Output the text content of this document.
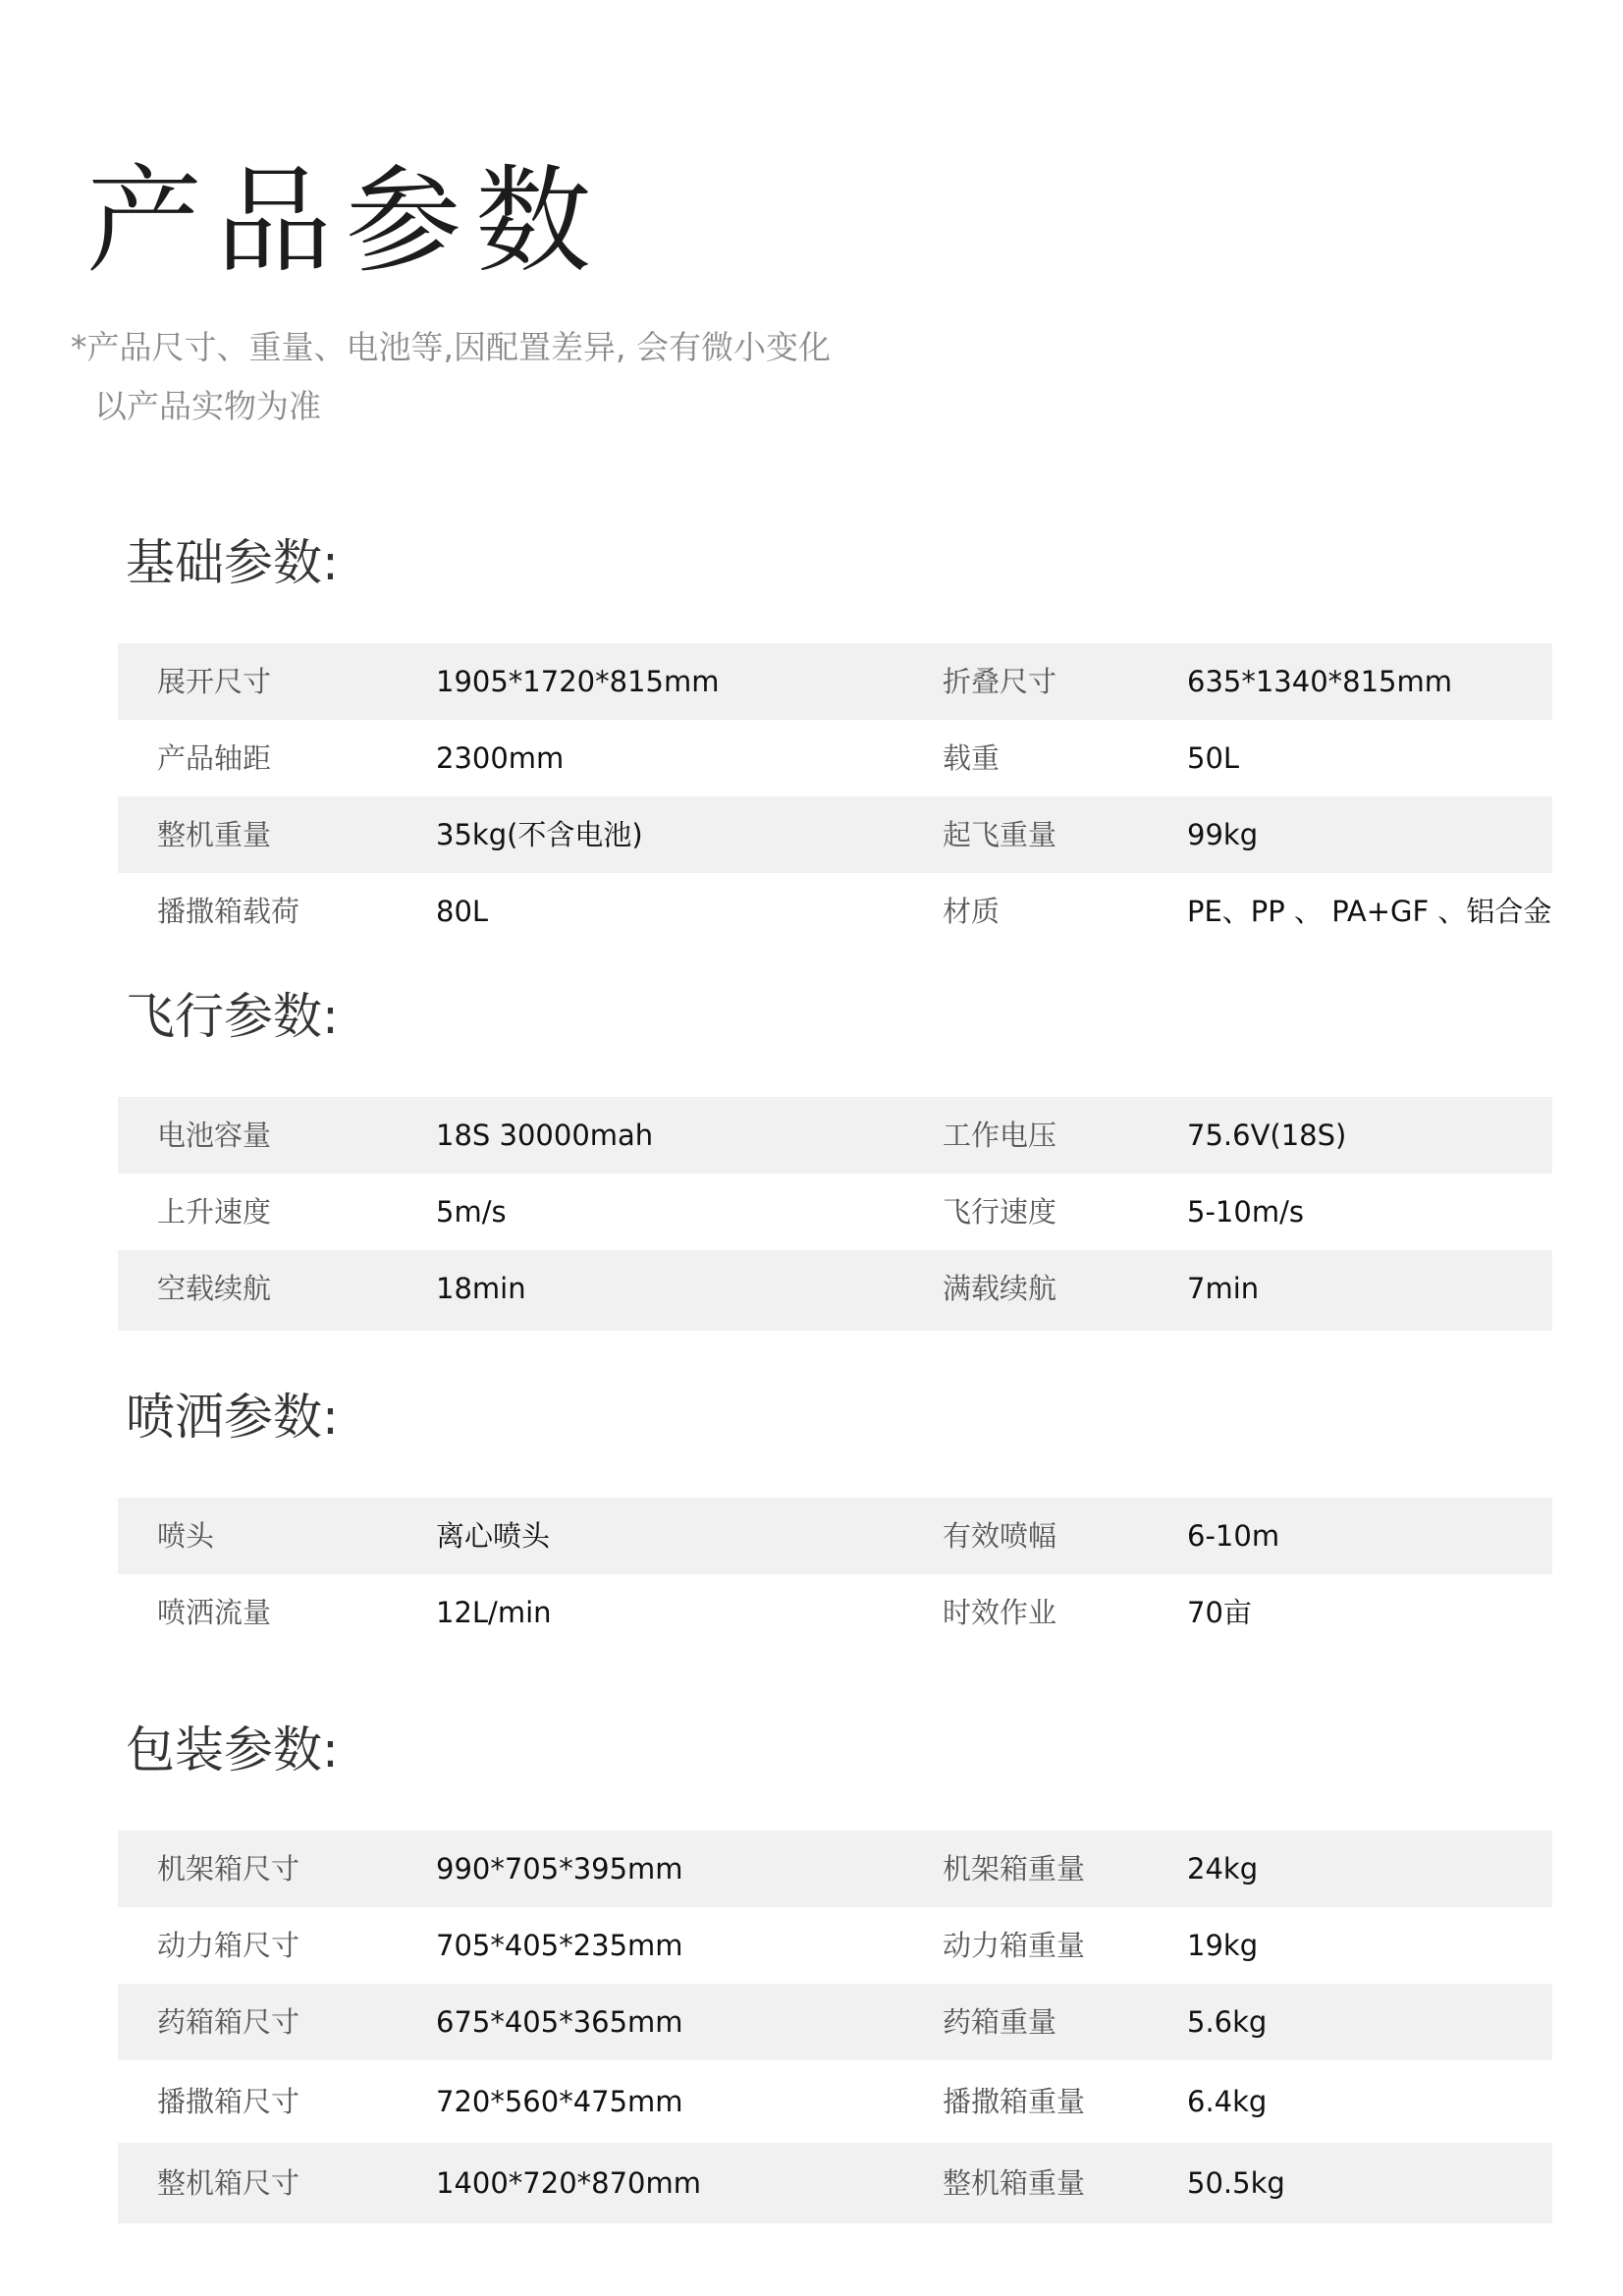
产品参数
*产品尺寸、重量、电池等,因配置差异, 会有微小变化
以产品实物为准
基础参数:
展开尺寸	1905*1720*815mm	折叠尺寸	635*1340*815mm
产品轴距	2300mm	载重	50L
整机重量	35kg(不含电池)	起飞重量	99kg
播撒箱载荷	80L	材质	PE、PP 、 PA+GF 、铝合金
飞行参数:
电池容量	18S 30000mah	工作电压	75.6V(18S)
上升速度	5m/s	飞行速度	5-10m/s
空载续航	18min	满载续航	7min
喷洒参数:
喷头	离心喷头	有效喷幅	6-10m
喷洒流量	12L/min	时效作业	70亩
包装参数:
机架箱尺寸	990*705*395mm	机架箱重量	24kg
动力箱尺寸	705*405*235mm	动力箱重量	19kg
药箱箱尺寸	675*405*365mm	药箱重量	5.6kg
播撒箱尺寸	720*560*475mm	播撒箱重量	6.4kg
整机箱尺寸	1400*720*870mm	整机箱重量	50.5kg
